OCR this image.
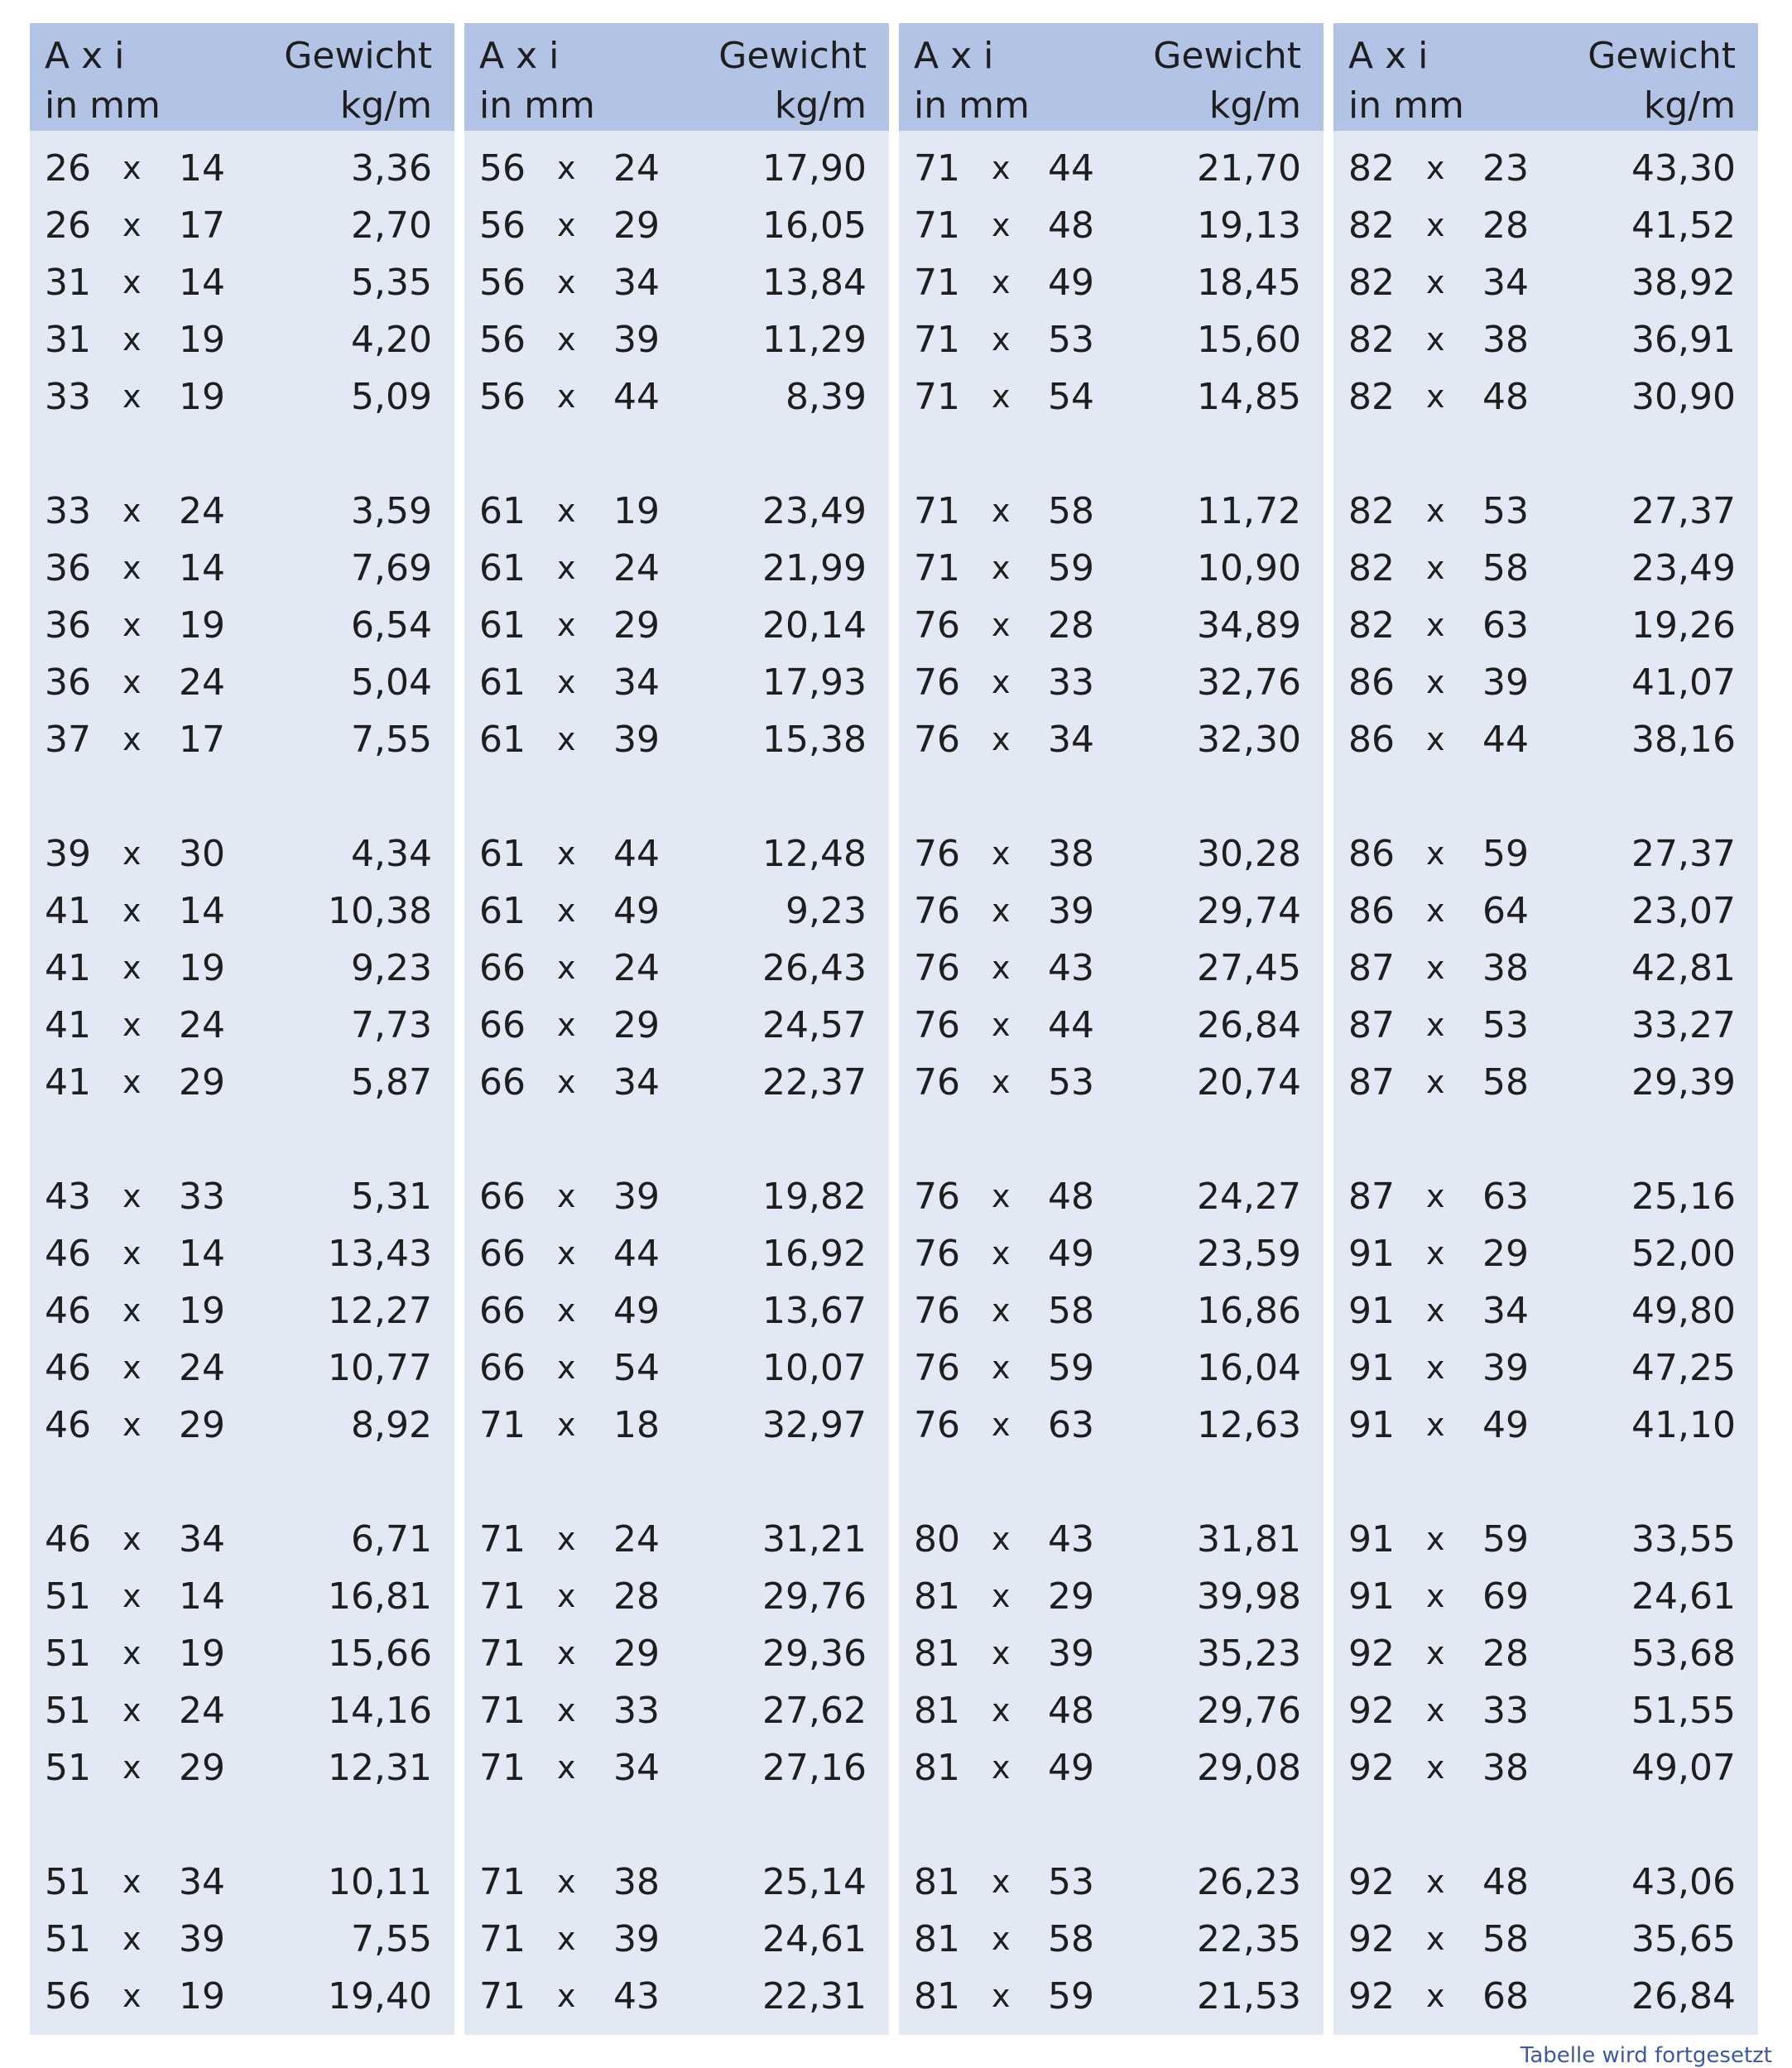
A x i
in mm
Gewicht
kg/m
26 x 14	3,36
26 x 17	2,70
31 x 14	5,35
31 x 19	4,20
33 x 19	5,09
33 x 24	3,59
36 x 14	7,69
36 x 19	6,54
36 x 24	5,04
37 x 17	7,55
39 x 30	4,34
41 x 14	10,38
41 x 19	9,23
41 x 24	7,73
41 x 29	5,87
43 x 33	5,31
46 x 14	13,43
46 x 19	12,27
46 x 24	10,77
46 x 29	8,92
46 x 34	6,71
51 x 14	16,81
51 x 19	15,66
51 x 24	14,16
51 x 29	12,31
51 x 34	10,11
51 x 39	7,55
56 x 19	19,40
A x i
in mm
Gewicht
kg/m
56 x 24	17,90
56 x 29	16,05
56 x 34	13,84
56 x 39	11,29
56 x 44	8,39
61 x 19	23,49
61 x 24	21,99
61 x 29	20,14
61 x 34	17,93
61 x 39	15,38
61 x 44	12,48
61 x 49	9,23
66 x 24	26,43
66 x 29	24,57
66 x 34	22,37
66 x 39	19,82
66 x 44	16,92
66 x 49	13,67
66 x 54	10,07
71 x 18	32,97
71 x 24	31,21
71 x 28	29,76
71 x 29	29,36
71 x 33	27,62
71 x 34	27,16
71 x 38	25,14
71 x 39	24,61
71 x 43	22,31
A x i
in mm
Gewicht
kg/m
71 x 44	21,70
71 x 48	19,13
71 x 49	18,45
71 x 53	15,60
71 x 54	14,85
71 x 58	11,72
71 x 59	10,90
76 x 28	34,89
76 x 33	32,76
76 x 34	32,30
76 x 38	30,28
76 x 39	29,74
76 x 43	27,45
76 x 44	26,84
76 x 53	20,74
76 x 48	24,27
76 x 49	23,59
76 x 58	16,86
76 x 59	16,04
76 x 63	12,63
80 x 43	31,81
81 x 29	39,98
81 x 39	35,23
81 x 48	29,76
81 x 49	29,08
81 x 53	26,23
81 x 58	22,35
81 x 59	21,53
A x i
in mm
Gewicht
kg/m
82 x 23	43,30
82 x 28	41,52
82 x 34	38,92
82 x 38	36,91
82 x 48	30,90
82 x 53	27,37
82 x 58	23,49
82 x 63	19,26
86 x 39	41,07
86 x 44	38,16
86 x 59	27,37
86 x 64	23,07
87 x 38	42,81
87 x 53	33,27
87 x 58	29,39
87 x 63	25,16
91 x 29	52,00
91 x 34	49,80
91 x 39	47,25
91 x 49	41,10
91 x 59	33,55
91 x 69	24,61
92 x 28	53,68
92 x 33	51,55
92 x 38	49,07
92 x 48	43,06
92 x 58	35,65
92 x 68	26,84
Tabelle wird fortgesetzt
